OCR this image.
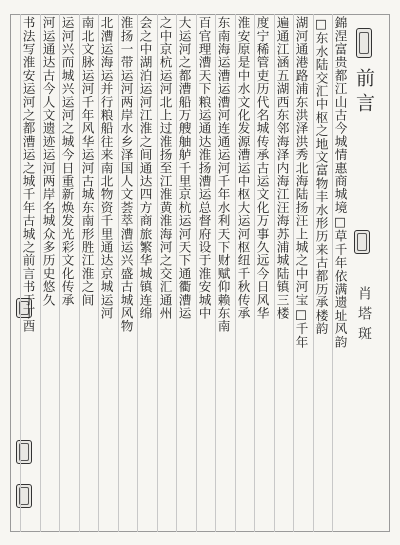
前言
肖塔斑
錦涅富贵都江山古今城情惠商城境□草千年依满遗址风韵
□东水陆交汇中枢之地文富物丰水形历来古都历承楼韵
湖河通港路浦东洪泽洪秀北海陆扬汪上城之中河宝□千年
遍通江涵五湖西东邻海泽内海江汪海苏浦城陆镇三楼
度宁稀管吏历代名城传承古运文化万事久远今日风华
淮安原是中水文化发源漕运中枢大运河枢纽千秋传承
东南海运漕运漕河连通运河千年水利天下财赋仰赖东南
百官理漕天下粮运通达淮扬漕运总督府设于淮安城中
大运河之都漕船万艘舳舻千里京杭运河天下通衢漕运
之中京杭运河北上过淮扬至江淮黄淮海河之交汇通州
会之中湖泊运河江淮之间通达四方商旅繁华城镇连绵
淮扬一带运河两岸水乡泽国人文荟萃漕运兴盛古城风物
北漕运海运并行粮船往来南北物资千里通达京城运河
南北文脉运河千年风华运河古城东南形胜江淮之间
运河兴而城兴运河之城今日重新焕发光彩文化传承
河运通达古今人文遗迹运河两岸名城众多历史悠久
书法写淮安运河之都漕运之城千年古城之前言书于丁酉
